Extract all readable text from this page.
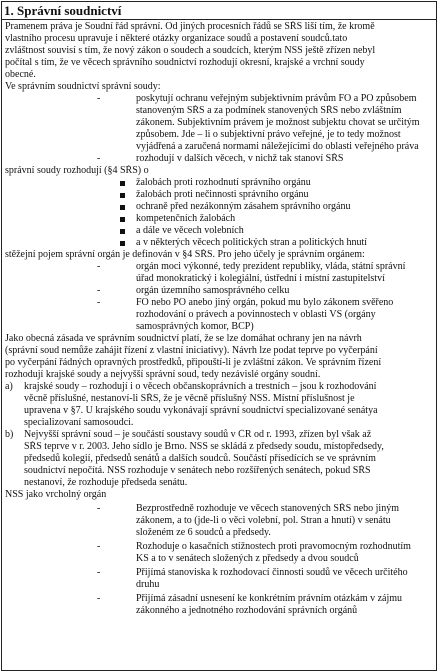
1. Správní soudnictví
Pramenem práva je Soudní řád správní. Od jiných procesních řádů se SŘS liší tím, že kromě
vlastního procesu upravuje i některé otázky organizace soudů a postavení soudců.tato
zvláštnost souvisí s tím, že nový zákon o soudech a soudcích, kterým NSS ještě zřízen nebyl
počítal s tím, že ve věcech správního soudnictví rozhodují okresní, krajské a vrchní soudy
obecné.
Ve správním soudnictví správní soudy:
-	poskytují ochranu veřejným subjektivním právům FO a PO způsobem
stanoveným SŘS a za podmínek stanovených SŘS nebo zvláštním
zákonem. Subjektivním právem je možnost subjektu chovat se určitým
způsobem. Jde – li o subjektivní právo veřejné, je to tedy možnost
vyjádřená a zaručená normami náležejícími do oblasti veřejného práva
-	rozhodují v dalších věcech, v nichž tak stanoví SŘS
správní soudy rozhodují (§4 SŘS) o
žalobách proti rozhodnutí správního orgánu
žalobách proti nečinnosti správního orgánu
ochraně před nezákonným zásahem správního orgánu
kompetenčních žalobách
a dále ve věcech volebních
a v některých věcech politických stran a politických hnutí
stěžejní pojem správní orgán je definován v §4 SŘS. Pro jeho účely je správním orgánem:
-	orgán moci výkonné, tedy prezident republiky, vláda, státní správní
úřad monokratický i kolegiální, ústřední i místní zastupitelství
-	orgán územního samosprávného celku
-	FO nebo PO anebo jiný orgán, pokud mu bylo zákonem svěřeno
rozhodování o právech a povinnostech v oblasti VS (orgány
samosprávných komor, BCP)
Jako obecná zásada ve správním soudnictví platí, že se lze domáhat ochrany jen na návrh
(správní soud nemůže zahájit řízení z vlastní iniciativy). Návrh lze podat teprve po vyčerpání
po vyčerpání řádných opravných prostředků, připouští-li je zvláštní zákon. Ve správním řízení
rozhodují krajské soudy a nejvyšší správní soud, tedy nezávislé orgány soudní.
a) krajské soudy – rozhodují i o věcech občanskoprávních a trestních – jsou k rozhodování
věcně příslušné, nestanoví-li SŘS, že je věcně příslušný NSS. Místní příslušnost je
upravena v §7. U krajského soudu vykonávají správní soudnictví specializované senátya
specializovaní samosoudci.
b) Nejvyšší správní soud – je součástí soustavy soudů v ČR od r. 1993, zřízen byl však až
SŘS teprve v r. 2003. Jeho sídlo je Brno. NSS se skládá z předsedy soudu, místopředsedy,
předsedů kolegií, předsedů senátů a dalších soudců. Součástí přísedících se ve správním
soudnictví nepočítá. NSS rozhoduje v senátech nebo rozšířených senátech, pokud SŘS
nestanoví, že rozhoduje předseda senátu.
NSS jako vrcholný orgán
-	Bezprostředně rozhoduje ve věcech stanovených SŘS nebo jiným
zákonem, a to (jde-li o věci volební, pol. Stran a hnutí) v senátu
složeném ze 6 soudců a předsedy.
-	Rozhoduje o kasačních stížnostech proti pravomocným rozhodnutím
KS a to v senátech složených z předsedy a dvou soudců
-	Přijímá stanoviska k rozhodovací činnosti soudů ve věcech určitého
druhu
-	Přijímá zásadní usnesení ke konkrétním právním otázkám v zájmu
zákonného a jednotného rozhodování správních orgánů
